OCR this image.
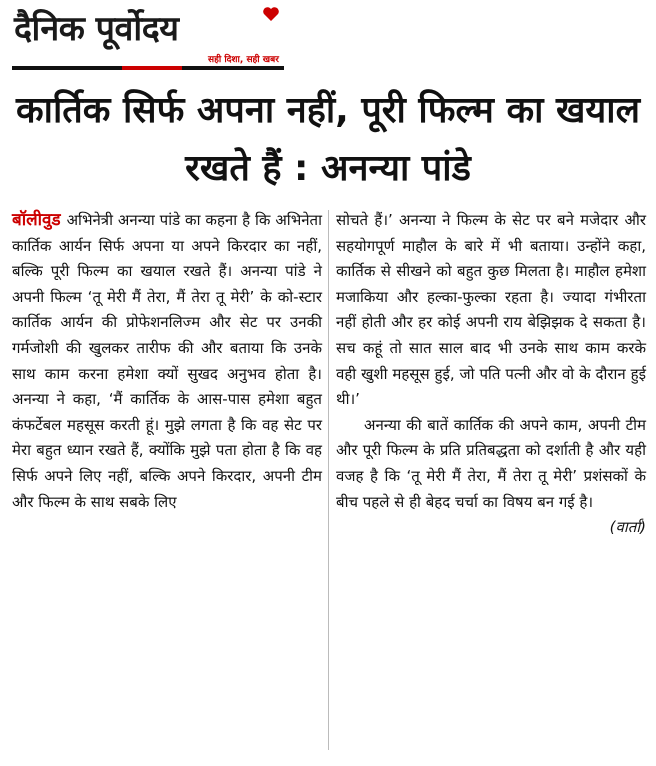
दैनिक पूर्वोदय
सही दिशा, सही खबर
कार्तिक सिर्फ अपना नहीं, पूरी फिल्म का खयाल रखते हैं : अनन्या पांडे

बॉलीवुड अभिनेत्री अनन्या पांडे का कहना है कि अभिनेता कार्तिक आर्यन सिर्फ अपना या अपने किरदार का नहीं, बल्कि पूरी फिल्म का खयाल रखते हैं। अनन्या पांडे ने अपनी फिल्म ‘तू मेरी मैं तेरा, मैं तेरा तू मेरी’ के को-स्टार कार्तिक आर्यन की प्रोफेशनलिज्म और सेट पर उनकी गर्मजोशी की खुलकर तारीफ की और बताया कि उनके साथ काम करना हमेशा क्यों सुखद अनुभव होता है। अनन्या ने कहा, ‘मैं कार्तिक के आस-पास हमेशा बहुत कंफर्टेबल महसूस करती हूं। मुझे लगता है कि वह सेट पर मेरा बहुत ध्यान रखते हैं, क्योंकि मुझे पता होता है कि वह सिर्फ अपने लिए नहीं, बल्कि अपने किरदार, अपनी टीम और फिल्म के साथ सबके लिए

सोचते हैं।’ अनन्या ने फिल्म के सेट पर बने मजेदार और सहयोगपूर्ण माहौल के बारे में भी बताया। उन्होंने कहा, कार्तिक से सीखने को बहुत कुछ मिलता है। माहौल हमेशा मजाकिया और हल्का-फुल्का रहता है। ज्यादा गंभीरता नहीं होती और हर कोई अपनी राय बेझिझक दे सकता है। सच कहूं तो सात साल बाद भी उनके साथ काम करके वही खुशी महसूस हुई, जो पति पत्नी और वो के दौरान हुई थी।’

अनन्या की बातें कार्तिक की अपने काम, अपनी टीम और पूरी फिल्म के प्रति प्रतिबद्धता को दर्शाती है और यही वजह है कि ‘तू मेरी मैं तेरा, मैं तेरा तू मेरी’ प्रशंसकों के बीच पहले से ही बेहद चर्चा का विषय बन गई है।
(वार्ता)
